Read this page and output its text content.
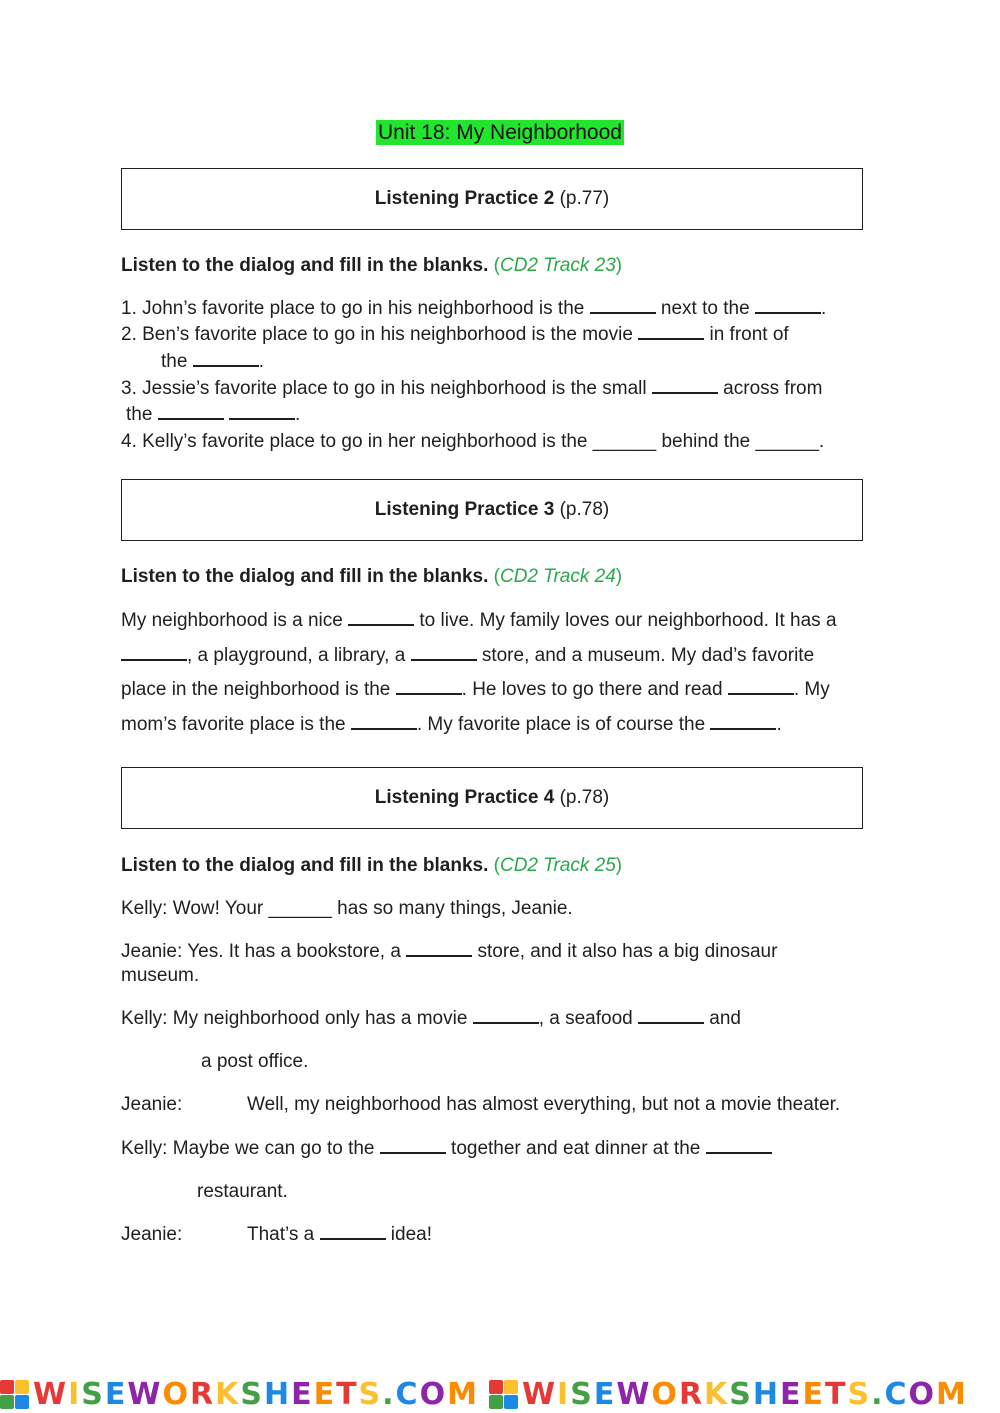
Unit 18: My Neighborhood
Listening Practice 2
(p.77)
Listen to the dialog and fill in the blanks. (CD2 Track 23)
1. John’s favorite place to go in his neighborhood is the	next to the	.
2. Ben’s favorite place to go in his neighborhood is the movie	in front of
the	.
3. Jessie’s favorite place to go in his neighborhood is the small	across from
the	.
4. Kelly’s favorite place to go in her neighborhood is the ______ behind the ______.
Listening Practice 3
(p.78)
Listen to the dialog and fill in the blanks. (CD2 Track 24)
My neighborhood is a nice	to live. My family loves our neighborhood. It has a
, a playground, a library, a	store, and a museum. My dad’s favorite
place in the neighborhood is the	. He loves to go there and read	. My
mom’s favorite place is the	. My favorite place is of course the	.
Listening Practice 4
(p.78)
Listen to the dialog and fill in the blanks. (CD2 Track 25)
Kelly: Wow! Your ______ has so many things, Jeanie.
Jeanie: Yes. It has a bookstore, a	store, and it also has a big dinosaur
museum.
Kelly: My neighborhood only has a movie	, a seafood	and
a post office.
Jeanie:	Well, my neighborhood has almost everything, but not a movie theater.
Kelly: Maybe we can go to the	together and eat dinner at the
restaurant.
Jeanie:	That’s a	idea!
WISEWORKSHEETS.COM WISEWORKSHEETS.COM
